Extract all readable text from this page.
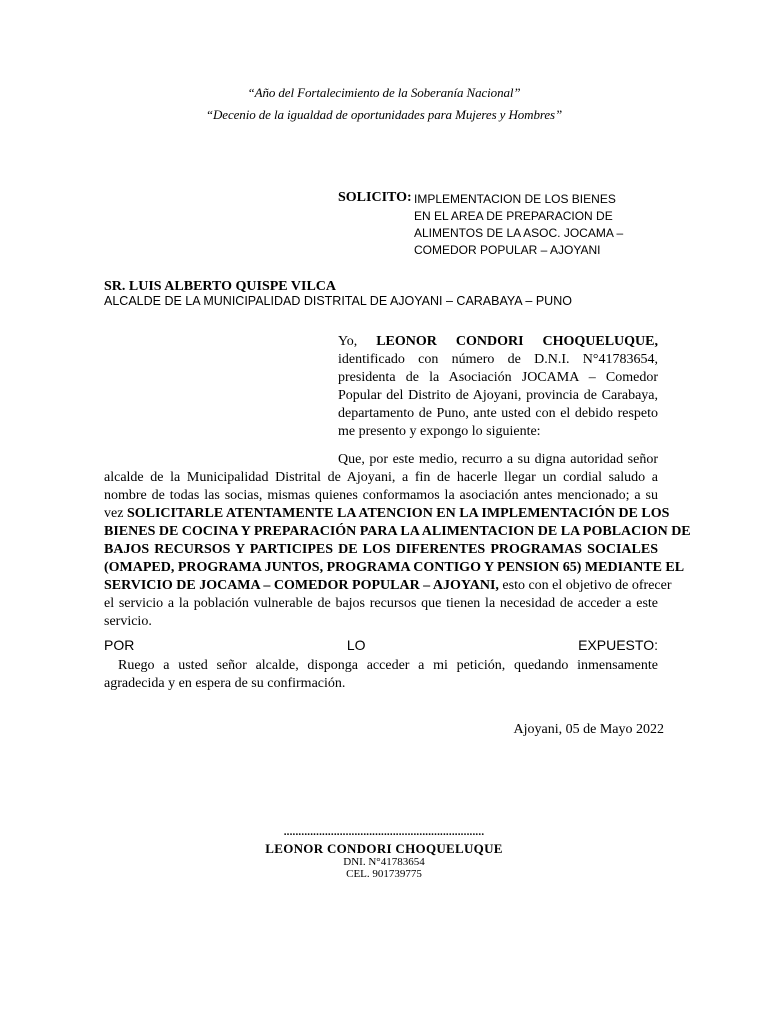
“Año del Fortalecimiento de la Soberanía Nacional”
“Decenio de la igualdad de oportunidades para Mujeres y Hombres”
SOLICITO: IMPLEMENTACION DE LOS BIENES
EN EL AREA DE PREPARACION DE
ALIMENTOS DE LA ASOC. JOCAMA –
COMEDOR POPULAR – AJOYANI
SR. LUIS ALBERTO QUISPE VILCA
ALCALDE DE LA MUNICIPALIDAD DISTRITAL DE AJOYANI – CARABAYA – PUNO
Yo, LEONOR CONDORI CHOQUELUQUE,
identificado con número de D.N.I. N°41783654,
presidenta de la Asociación JOCAMA – Comedor
Popular del Distrito de Ajoyani, provincia de Carabaya,
departamento de Puno, ante usted con el debido respeto
me presento y expongo lo siguiente:
Que, por este medio, recurro a su digna autoridad señor
alcalde de la Municipalidad Distrital de Ajoyani, a fin de hacerle llegar un cordial saludo a
nombre de todas las socias, mismas quienes conformamos la asociación antes mencionado; a su
vez SOLICITARLE ATENTAMENTE LA ATENCION EN LA IMPLEMENTACIÓN DE LOS
BIENES DE COCINA Y PREPARACIÓN PARA LA ALIMENTACION DE LA POBLACION DE
BAJOS RECURSOS Y PARTICIPES DE LOS DIFERENTES PROGRAMAS SOCIALES
(OMAPED, PROGRAMA JUNTOS, PROGRAMA CONTIGO Y PENSION 65) MEDIANTE EL
SERVICIO DE JOCAMA – COMEDOR POPULAR – AJOYANI, esto con el objetivo de ofrecer
el servicio a la población vulnerable de bajos recursos que tienen la necesidad de acceder a este
servicio.
POR	LO	EXPUESTO:
Ruego a usted señor alcalde, disponga acceder a mi petición, quedando inmensamente
agradecida y en espera de su confirmación.
Ajoyani, 05 de Mayo 2022
....................................................................
LEONOR CONDORI CHOQUELUQUE
DNI. N°41783654
CEL. 901739775
